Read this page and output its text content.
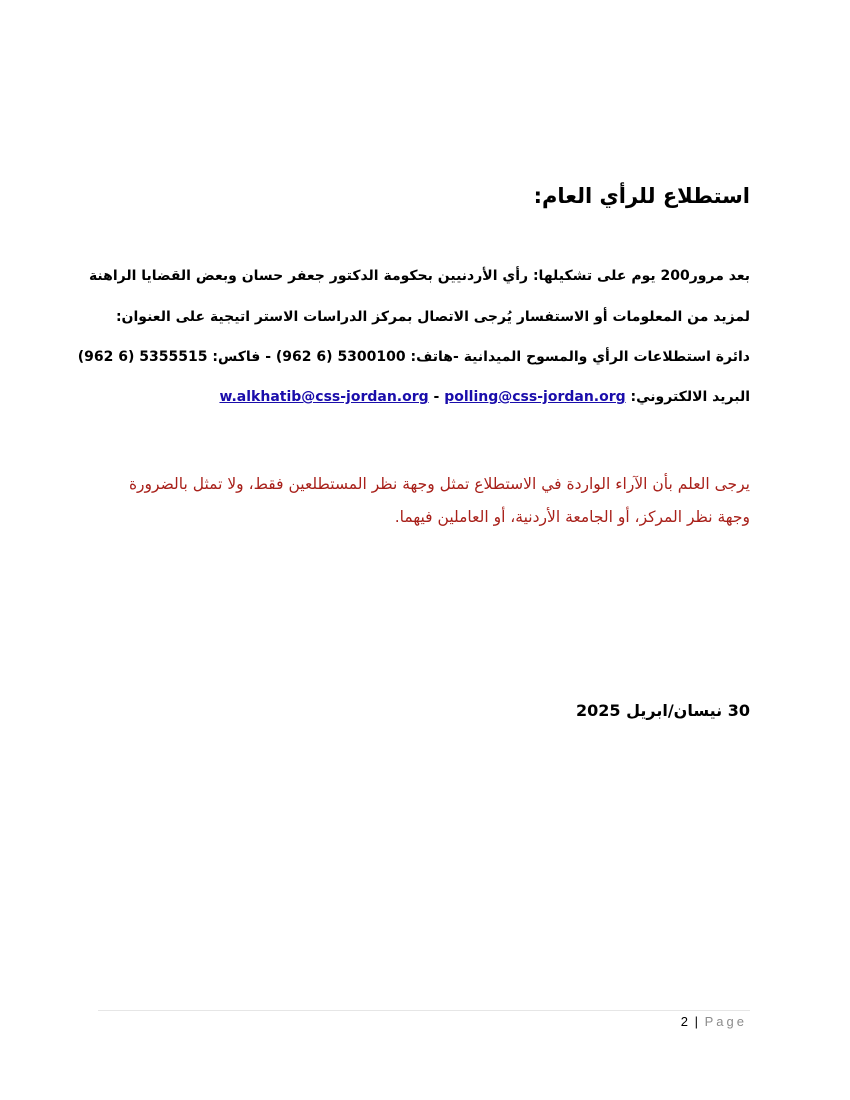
استطلاع للرأي العام:
بعد مرور200 يوم على تشكيلها: رأي الأردنيين بحكومة الدكتور جعفر حسان وبعض القضايا الراهنة
لمزيد من المعلومات أو الاستفسار يُرجى الاتصال بمركز الدراسات الاستر اتيجية على العنوان:
دائرة استطلاعات الرأي والمسوح الميدانية -هاتف: 5300100 (6 962) - فاكس: 5355515 (6 962)
البريد الالكتروني: w.alkhatib@css-jordan.org - polling@css-jordan.org
يرجى العلم بأن الآراء الواردة في الاستطلاع تمثل وجهة نظر المستطلعين فقط، ولا تمثل بالضرورة وجهة نظر المركز، أو الجامعة الأردنية، أو العاملين فيهما.
30 نيسان/ابريل 2025
2 | Page
